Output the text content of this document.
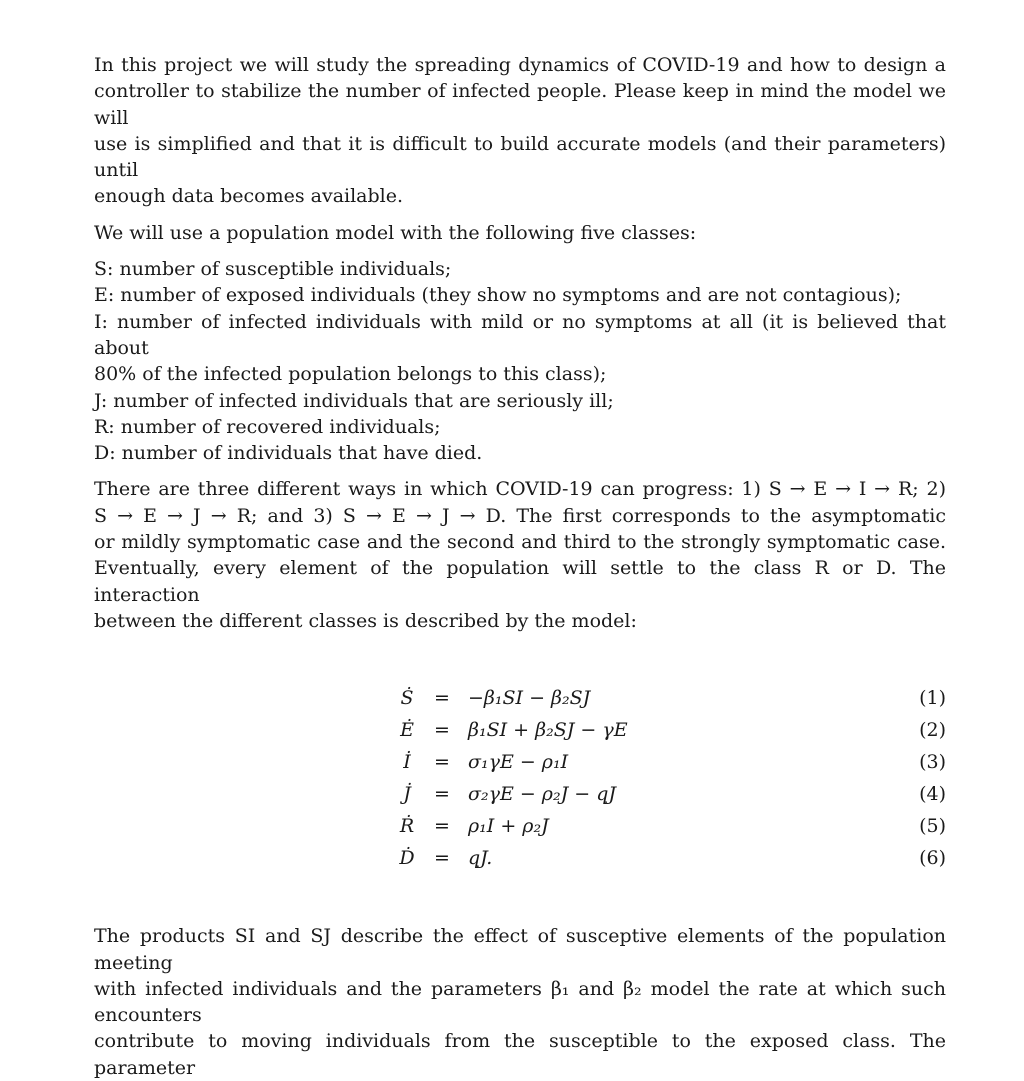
In this project we will study the spreading dynamics of COVID-19 and how to design a
controller to stabilize the number of infected people. Please keep in mind the model we will
use is simplified and that it is difficult to build accurate models (and their parameters) until
enough data becomes available.

We will use a population model with the following five classes:

S: number of susceptible individuals;
E: number of exposed individuals (they show no symptoms and are not contagious);
I: number of infected individuals with mild or no symptoms at all (it is believed that about
80% of the infected population belongs to this class);
J: number of infected individuals that are seriously ill;
R: number of recovered individuals;
D: number of individuals that have died.

There are three different ways in which COVID-19 can progress: 1) S → E → I → R; 2)
S → E → J → R; and 3) S → E → J → D. The first corresponds to the asymptomatic
or mildly symptomatic case and the second and third to the strongly symptomatic case.
Eventually, every element of the population will settle to the class R or D. The interaction
between the different classes is described by the model:

Ṡ	= −β₁SI − β₂SJ	(1)
Ė	= β₁SI + β₂SJ − γE	(2)
İ	= σ₁γE − ρ₁I	(3)
J̇	= σ₂γE − ρ₂J − qJ	(4)
Ṙ	= ρ₁I + ρ₂J	(5)
Ḋ = qJ.	(6)

The products SI and SJ describe the effect of susceptive elements of the population meeting
with infected individuals and the parameters β₁ and β₂ model the rate at which such encounters
contribute to moving individuals from the susceptible to the exposed class. The parameter
